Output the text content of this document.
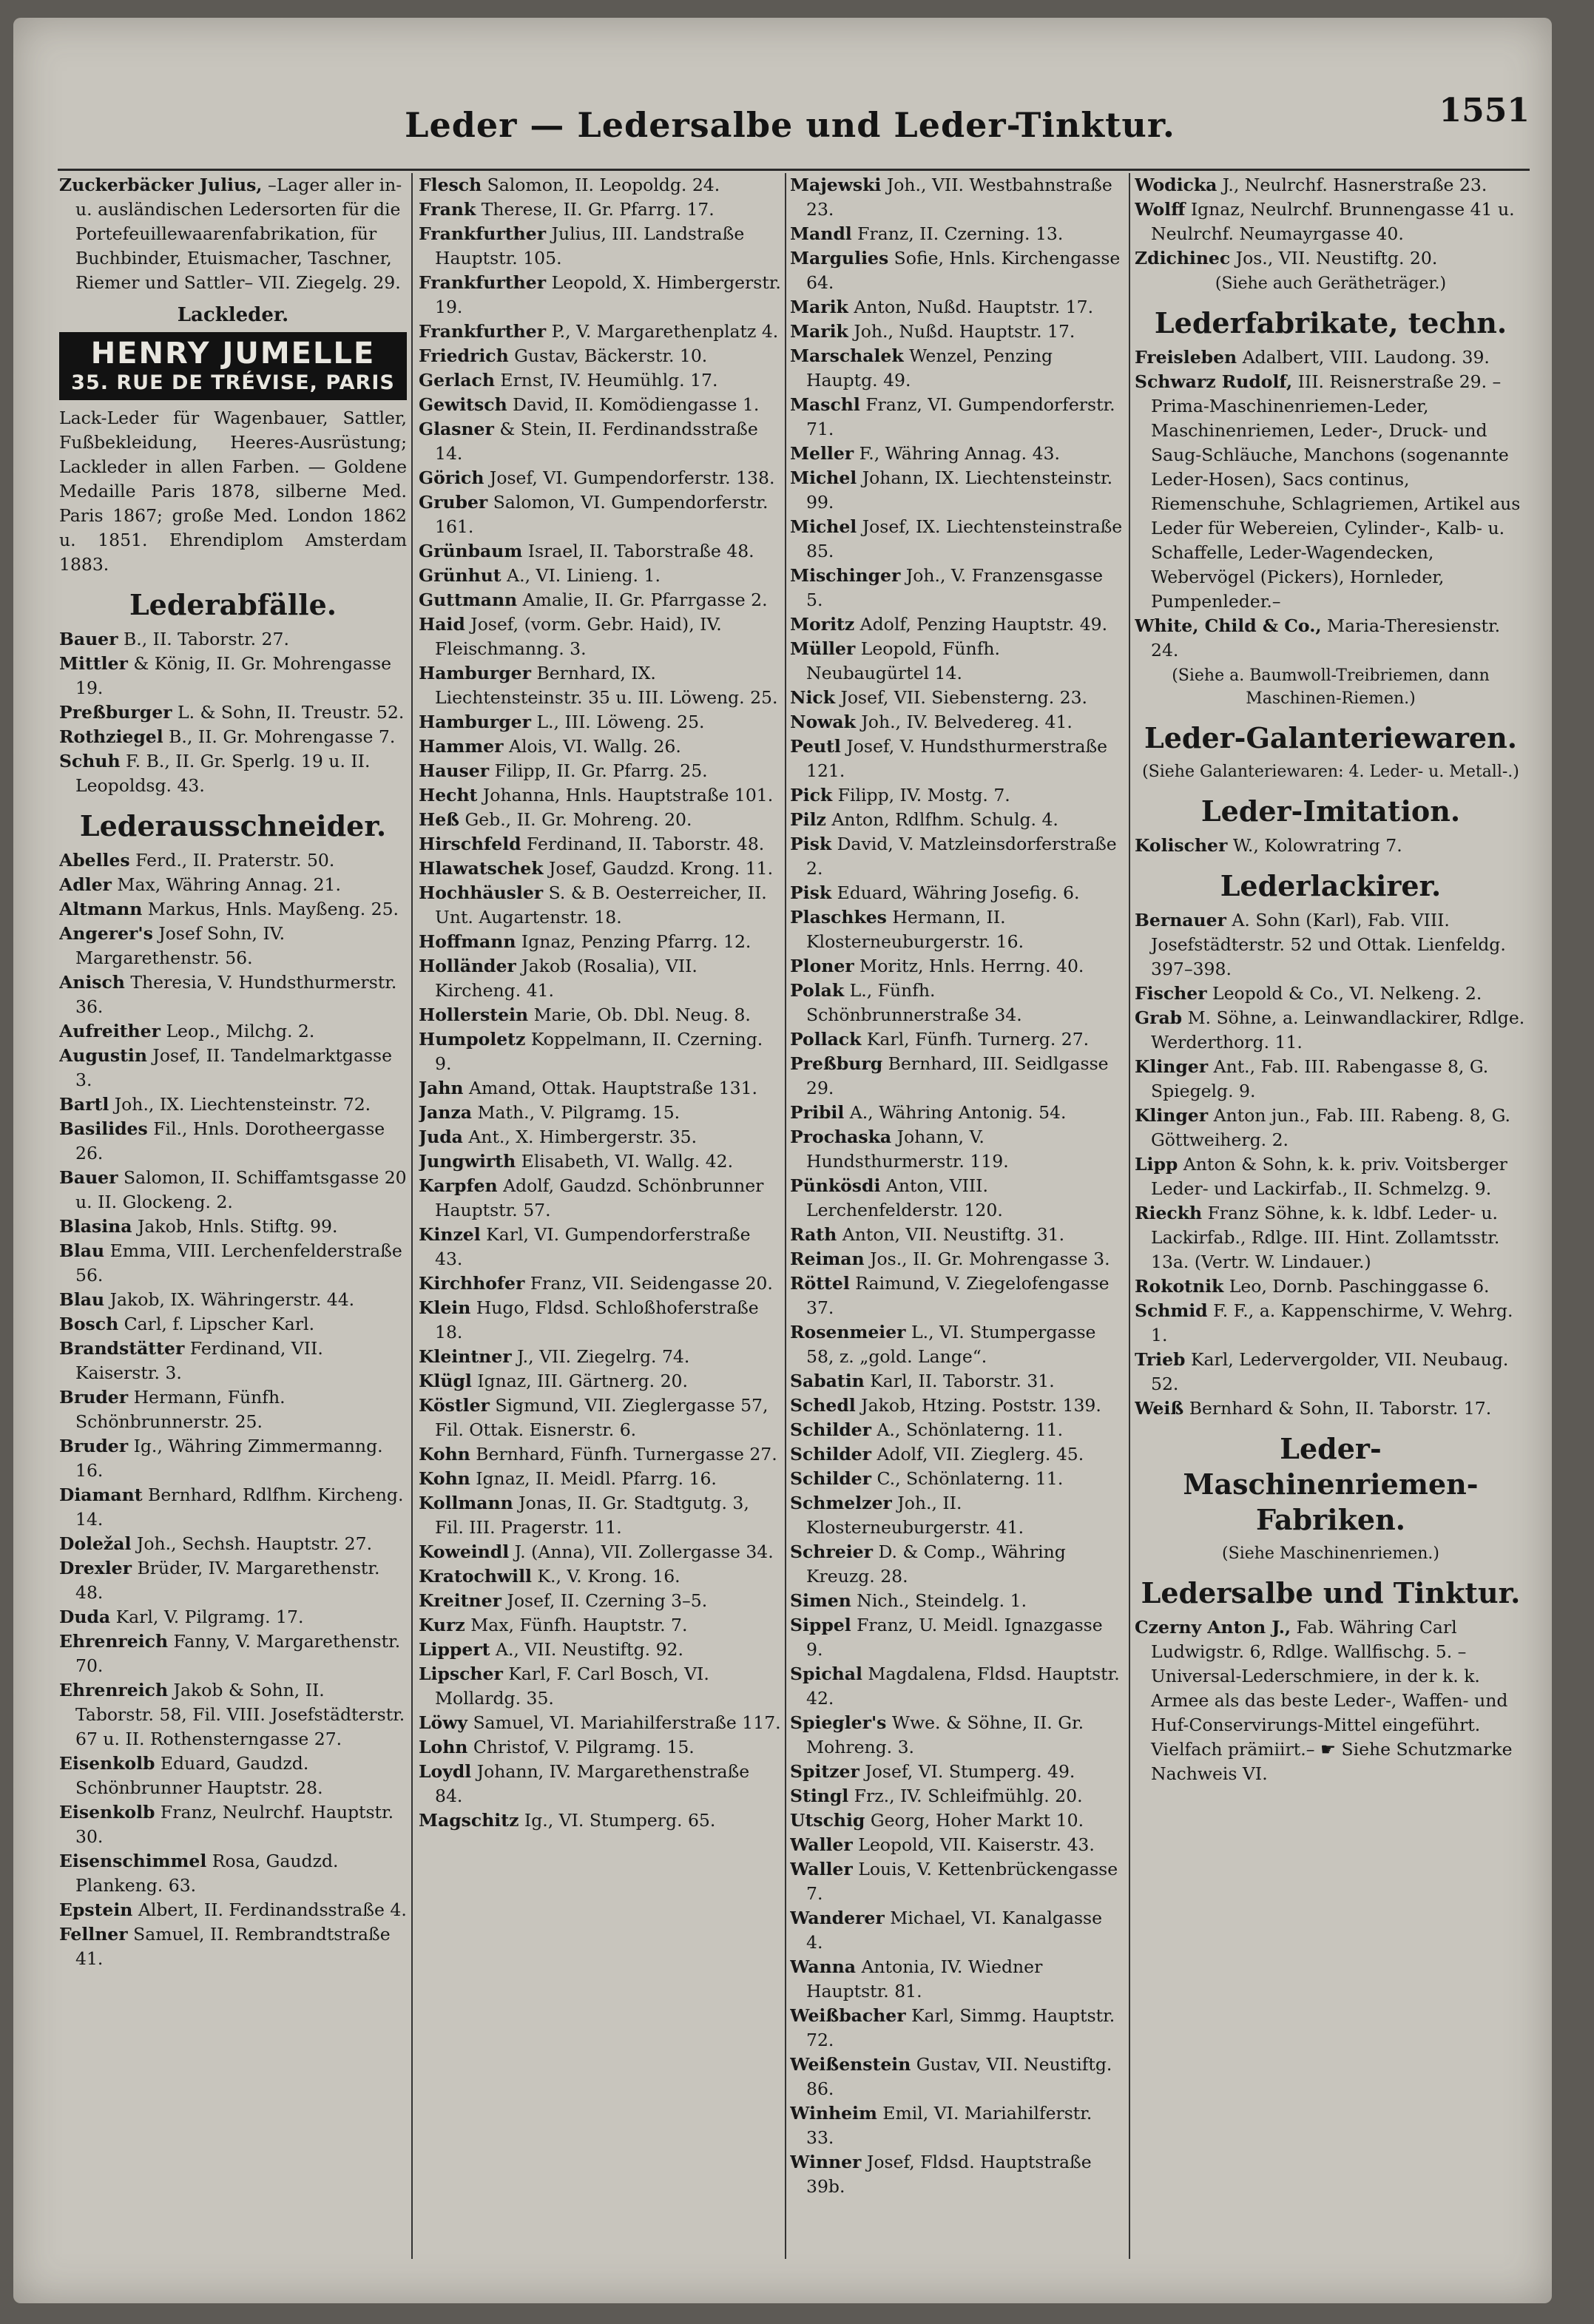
Leder — Ledersalbe und Leder-Tinktur.	1551

Zuckerbäcker Julius, –Lager aller in- u. ausländischen Ledersorten für die Portefeuillewaarenfabrikation, für Buchbinder, Etuismacher, Taschner, Riemer und Sattler– VII. Ziegelg. 29.

Lackleder.
HENRY JUMELLE
35. RUE DE TRÉVISE, PARIS

Lack-Leder für Wagenbauer, Sattler, Fußbekleidung, Heeres-Ausrüstung; Lackleder in allen Farben. — Goldene Medaille Paris 1878, silberne Med. Paris 1867; große Med. London 1862 u. 1851. Ehrendiplom Amsterdam 1883.

Lederabfälle.

Bauer B., II. Taborstr. 27.

Mittler & König, II. Gr. Mohrengasse 19.

Preßburger L. & Sohn, II. Treustr. 52.

Rothziegel B., II. Gr. Mohrengasse 7.

Schuh F. B., II. Gr. Sperlg. 19 u. II. Leopoldsg. 43.

Lederausschneider.

Abelles Ferd., II. Praterstr. 50.

Adler Max, Währing Annag. 21.

Altmann Markus, Hnls. Mayßeng. 25.

Angerer's Josef Sohn, IV. Margarethenstr. 56.

Anisch Theresia, V. Hundsthurmerstr. 36.

Aufreither Leop., Milchg. 2.

Augustin Josef, II. Tandelmarktgasse 3.

Bartl Joh., IX. Liechtensteinstr. 72.

Basilides Fil., Hnls. Dorotheergasse 26.

Bauer Salomon, II. Schiffamtsgasse 20 u. II. Glockeng. 2.

Blasina Jakob, Hnls. Stiftg. 99.

Blau Emma, VIII. Lerchenfelderstraße 56.

Blau Jakob, IX. Währingerstr. 44.

Bosch Carl, f. Lipscher Karl.

Brandstätter Ferdinand, VII. Kaiserstr. 3.

Bruder Hermann, Fünfh. Schönbrunnerstr. 25.

Bruder Ig., Währing Zimmermanng. 16.

Diamant Bernhard, Rdlfhm. Kircheng. 14.

Doležal Joh., Sechsh. Hauptstr. 27.

Drexler Brüder, IV. Margarethenstr. 48.

Duda Karl, V. Pilgramg. 17.

Ehrenreich Fanny, V. Margarethenstr. 70.

Ehrenreich Jakob & Sohn, II. Taborstr. 58, Fil. VIII. Josefstädterstr. 67 u. II. Rothensterngasse 27.

Eisenkolb Eduard, Gaudzd. Schönbrunner Hauptstr. 28.

Eisenkolb Franz, Neulrchf. Hauptstr. 30.

Eisenschimmel Rosa, Gaudzd. Plankeng. 63.

Epstein Albert, II. Ferdinandsstraße 4.

Fellner Samuel, II. Rembrandtstraße 41.

Flesch Salomon, II. Leopoldg. 24.

Frank Therese, II. Gr. Pfarrg. 17.

Frankfurther Julius, III. Landstraße Hauptstr. 105.

Frankfurther Leopold, X. Himbergerstr. 19.

Frankfurther P., V. Margarethenplatz 4.

Friedrich Gustav, Bäckerstr. 10.

Gerlach Ernst, IV. Heumühlg. 17.

Gewitsch David, II. Komödiengasse 1.

Glasner & Stein, II. Ferdinandsstraße 14.

Görich Josef, VI. Gumpendorferstr. 138.

Gruber Salomon, VI. Gumpendorferstr. 161.

Grünbaum Israel, II. Taborstraße 48.

Grünhut A., VI. Linieng. 1.

Guttmann Amalie, II. Gr. Pfarrgasse 2.

Haid Josef, (vorm. Gebr. Haid), IV. Fleischmanng. 3.

Hamburger Bernhard, IX. Liechtensteinstr. 35 u. III. Löweng. 25.

Hamburger L., III. Löweng. 25.

Hammer Alois, VI. Wallg. 26.

Hauser Filipp, II. Gr. Pfarrg. 25.

Hecht Johanna, Hnls. Hauptstraße 101.

Heß Geb., II. Gr. Mohreng. 20.

Hirschfeld Ferdinand, II. Taborstr. 48.

Hlawatschek Josef, Gaudzd. Krong. 11.

Hochhäusler S. & B. Oesterreicher, II. Unt. Augartenstr. 18.

Hoffmann Ignaz, Penzing Pfarrg. 12.

Holländer Jakob (Rosalia), VII. Kircheng. 41.

Hollerstein Marie, Ob. Dbl. Neug. 8.

Humpoletz Koppelmann, II. Czerning. 9.

Jahn Amand, Ottak. Hauptstraße 131.

Janza Math., V. Pilgramg. 15.

Juda Ant., X. Himbergerstr. 35.

Jungwirth Elisabeth, VI. Wallg. 42.

Karpfen Adolf, Gaudzd. Schönbrunner Hauptstr. 57.

Kinzel Karl, VI. Gumpendorferstraße 43.

Kirchhofer Franz, VII. Seidengasse 20.

Klein Hugo, Fldsd. Schloßhoferstraße 18.

Kleintner J., VII. Ziegelrg. 74.

Klügl Ignaz, III. Gärtnerg. 20.

Köstler Sigmund, VII. Zieglergasse 57, Fil. Ottak. Eisnerstr. 6.

Kohn Bernhard, Fünfh. Turnergasse 27.

Kohn Ignaz, II. Meidl. Pfarrg. 16.

Kollmann Jonas, II. Gr. Stadtgutg. 3, Fil. III. Pragerstr. 11.

Koweindl J. (Anna), VII. Zollergasse 34.

Kratochwill K., V. Krong. 16.

Kreitner Josef, II. Czerning 3–5.

Kurz Max, Fünfh. Hauptstr. 7.

Lippert A., VII. Neustiftg. 92.

Lipscher Karl, F. Carl Bosch, VI. Mollardg. 35.

Löwy Samuel, VI. Mariahilferstraße 117.

Lohn Christof, V. Pilgramg. 15.

Loydl Johann, IV. Margarethenstraße 84.

Magschitz Ig., VI. Stumperg. 65.

Majewski Joh., VII. Westbahnstraße 23.

Mandl Franz, II. Czerning. 13.

Margulies Sofie, Hnls. Kirchengasse 64.

Marik Anton, Nußd. Hauptstr. 17.

Marik Joh., Nußd. Hauptstr. 17.

Marschalek Wenzel, Penzing Hauptg. 49.

Maschl Franz, VI. Gumpendorferstr. 71.

Meller F., Währing Annag. 43.

Michel Johann, IX. Liechtensteinstr. 99.

Michel Josef, IX. Liechtensteinstraße 85.

Mischinger Joh., V. Franzensgasse 5.

Moritz Adolf, Penzing Hauptstr. 49.

Müller Leopold, Fünfh. Neubaugürtel 14.

Nick Josef, VII. Siebensterng. 23.

Nowak Joh., IV. Belvedereg. 41.

Peutl Josef, V. Hundsthurmerstraße 121.

Pick Filipp, IV. Mostg. 7.

Pilz Anton, Rdlfhm. Schulg. 4.

Pisk David, V. Matzleinsdorferstraße 2.

Pisk Eduard, Währing Josefig. 6.

Plaschkes Hermann, II. Klosterneuburgerstr. 16.

Ploner Moritz, Hnls. Herrng. 40.

Polak L., Fünfh. Schönbrunnerstraße 34.

Pollack Karl, Fünfh. Turnerg. 27.

Preßburg Bernhard, III. Seidlgasse 29.

Pribil A., Währing Antonig. 54.

Prochaska Johann, V. Hundsthurmerstr. 119.

Pünkösdi Anton, VIII. Lerchenfelderstr. 120.

Rath Anton, VII. Neustiftg. 31.

Reiman Jos., II. Gr. Mohrengasse 3.

Röttel Raimund, V. Ziegelofengasse 37.

Rosenmeier L., VI. Stumpergasse 58, z. „gold. Lange“.

Sabatin Karl, II. Taborstr. 31.

Schedl Jakob, Htzing. Poststr. 139.

Schilder A., Schönlaterng. 11.

Schilder Adolf, VII. Zieglerg. 45.

Schilder C., Schönlaterng. 11.

Schmelzer Joh., II. Klosterneuburgerstr. 41.

Schreier D. & Comp., Währing Kreuzg. 28.

Simen Nich., Steindelg. 1.

Sippel Franz, U. Meidl. Ignazgasse 9.

Spichal Magdalena, Fldsd. Hauptstr. 42.

Spiegler's Wwe. & Söhne, II. Gr. Mohreng. 3.

Spitzer Josef, VI. Stumperg. 49.

Stingl Frz., IV. Schleifmühlg. 20.

Utschig Georg, Hoher Markt 10.

Waller Leopold, VII. Kaiserstr. 43.

Waller Louis, V. Kettenbrückengasse 7.

Wanderer Michael, VI. Kanalgasse 4.

Wanna Antonia, IV. Wiedner Hauptstr. 81.

Weißbacher Karl, Simmg. Hauptstr. 72.

Weißenstein Gustav, VII. Neustiftg. 86.

Winheim Emil, VI. Mariahilferstr. 33.

Winner Josef, Fldsd. Hauptstraße 39b.

Wodicka J., Neulrchf. Hasnerstraße 23.

Wolff Ignaz, Neulrchf. Brunnengasse 41 u. Neulrchf. Neumayrgasse 40.

Zdichinec Jos., VII. Neustiftg. 20.

(Siehe auch Gerätheträger.)
Lederfabrikate, techn.

Freisleben Adalbert, VIII. Laudong. 39.

Schwarz Rudolf, III. Reisnerstraße 29. –Prima-Maschinenriemen-Leder, Maschinenriemen, Leder-, Druck- und Saug-Schläuche, Manchons (sogenannte Leder-Hosen), Sacs continus, Riemenschuhe, Schlagriemen, Artikel aus Leder für Webereien, Cylinder-, Kalb- u. Schaffelle, Leder-Wagendecken, Webervögel (Pickers), Hornleder, Pumpenleder.–

White, Child & Co., Maria-Theresienstr. 24.

(Siehe a. Baumwoll-Treibriemen, dann Maschinen-Riemen.)
Leder-Galanteriewaren.
(Siehe Galanteriewaren: 4. Leder- u. Metall-.)
Leder-Imitation.

Kolischer W., Kolowratring 7.

Lederlackirer.

Bernauer A. Sohn (Karl), Fab. VIII. Josefstädterstr. 52 und Ottak. Lienfeldg. 397–398.

Fischer Leopold & Co., VI. Nelkeng. 2.

Grab M. Söhne, a. Leinwandlackirer, Rdlge. Werderthorg. 11.

Klinger Ant., Fab. III. Rabengasse 8, G. Spiegelg. 9.

Klinger Anton jun., Fab. III. Rabeng. 8, G. Göttweiherg. 2.

Lipp Anton & Sohn, k. k. priv. Voitsberger Leder- und Lackirfab., II. Schmelzg. 9.

Rieckh Franz Söhne, k. k. ldbf. Leder- u. Lackirfab., Rdlge. III. Hint. Zollamtsstr. 13a. (Vertr. W. Lindauer.)

Rokotnik Leo, Dornb. Paschinggasse 6.

Schmid F. F., a. Kappenschirme, V. Wehrg. 1.

Trieb Karl, Ledervergolder, VII. Neubaug. 52.

Weiß Bernhard & Sohn, II. Taborstr. 17.

Leder-Maschinenriemen-Fabriken.
(Siehe Maschinenriemen.)
Ledersalbe und Tinktur.

Czerny Anton J., Fab. Währing Carl Ludwigstr. 6, Rdlge. Wallfischg. 5. –Universal-Lederschmiere, in der k. k. Armee als das beste Leder-, Waffen- und Huf-Conservirungs-Mittel eingeführt. Vielfach prämiirt.– ☛ Siehe Schutzmarke Nachweis VI.
